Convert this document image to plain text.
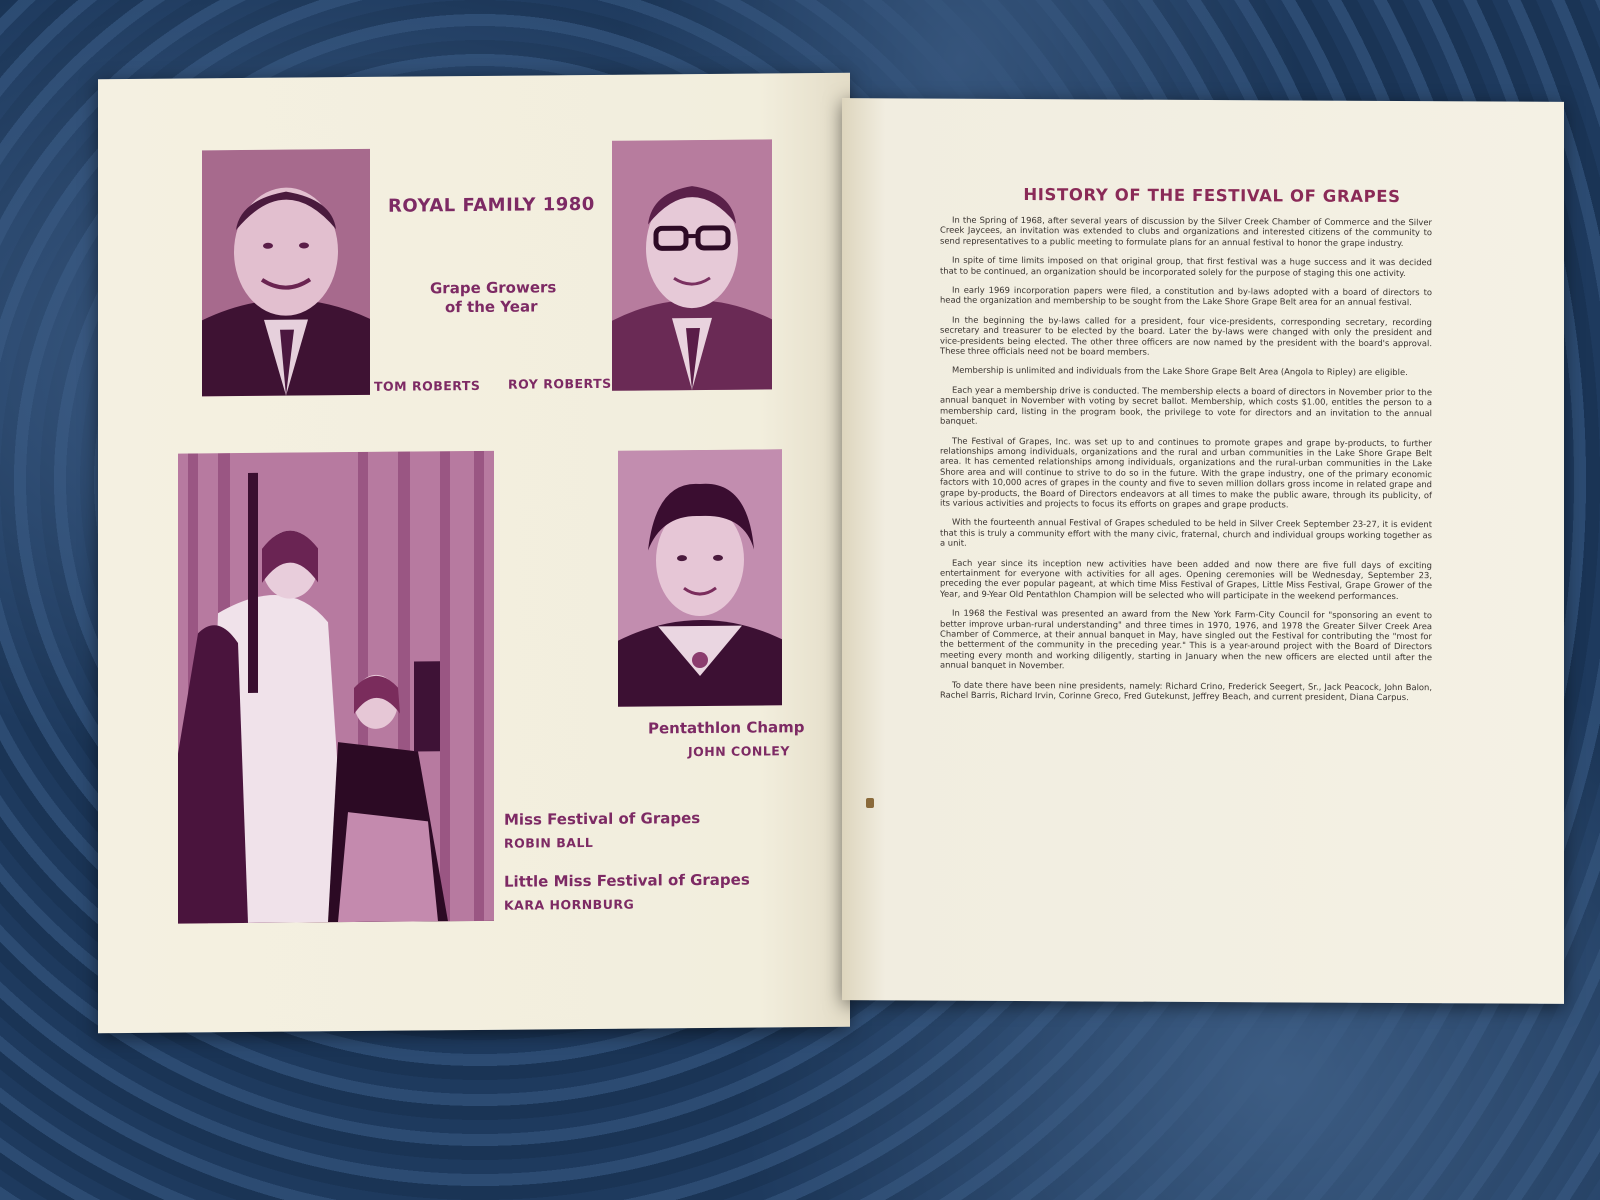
ROYAL FAMILY 1980
Grape Growers
of the Year
TOM ROBERTS ROY ROBERTS
Pentathlon Champ
JOHN CONLEY
Miss Festival of Grapes
ROBIN BALL
Little Miss Festival of Grapes
KARA HORNBURG
HISTORY OF THE FESTIVAL OF GRAPES

In the Spring of 1968, after several years of discussion by the Silver Creek Chamber of Commerce and the Silver Creek Jaycees, an invitation was extended to clubs and organizations and interested citizens of the community to send representatives to a public meeting to formulate plans for an annual festival to honor the grape industry.

In spite of time limits imposed on that original group, that first festival was a huge success and it was decided that to be continued, an organization should be incorporated solely for the purpose of staging this one activity.

In early 1969 incorporation papers were filed, a constitution and by-laws adopted with a board of directors to head the organization and membership to be sought from the Lake Shore Grape Belt area for an annual festival.

In the beginning the by-laws called for a president, four vice-presidents, corresponding secretary, recording secretary and treasurer to be elected by the board. Later the by-laws were changed with only the president and vice-presidents being elected. The other three officers are now named by the president with the board's approval. These three officials need not be board members.

Membership is unlimited and individuals from the Lake Shore Grape Belt Area (Angola to Ripley) are eligible.

Each year a membership drive is conducted. The membership elects a board of directors in November prior to the annual banquet in November with voting by secret ballot. Membership, which costs $1.00, entitles the person to a membership card, listing in the program book, the privilege to vote for directors and an invitation to the annual banquet.

The Festival of Grapes, Inc. was set up to and continues to promote grapes and grape by-products, to further relationships among individuals, organizations and the rural and urban communities in the Lake Shore Grape Belt area. It has cemented relationships among individuals, organizations and the rural-urban communities in the Lake Shore area and will continue to strive to do so in the future. With the grape industry, one of the primary economic factors with 10,000 acres of grapes in the county and five to seven million dollars gross income in related grape and grape by-products, the Board of Directors endeavors at all times to make the public aware, through its publicity, of its various activities and projects to focus its efforts on grapes and grape products.

With the fourteenth annual Festival of Grapes scheduled to be held in Silver Creek September 23-27, it is evident that this is truly a community effort with the many civic, fraternal, church and individual groups working together as a unit.

Each year since its inception new activities have been added and now there are five full days of exciting entertainment for everyone with activities for all ages. Opening ceremonies will be Wednesday, September 23, preceding the ever popular pageant, at which time Miss Festival of Grapes, Little Miss Festival, Grape Grower of the Year, and 9-Year Old Pentathlon Champion will be selected who will participate in the weekend performances.

In 1968 the Festival was presented an award from the New York Farm-City Council for "sponsoring an event to better improve urban-rural understanding" and three times in 1970, 1976, and 1978 the Greater Silver Creek Area Chamber of Commerce, at their annual banquet in May, have singled out the Festival for contributing the "most for the betterment of the community in the preceding year." This is a year-around project with the Board of Directors meeting every month and working diligently, starting in January when the new officers are elected until after the annual banquet in November.

To date there have been nine presidents, namely: Richard Crino, Frederick Seegert, Sr., Jack Peacock, John Balon, Rachel Barris, Richard Irvin, Corinne Greco, Fred Gutekunst, Jeffrey Beach, and current president, Diana Carpus.
